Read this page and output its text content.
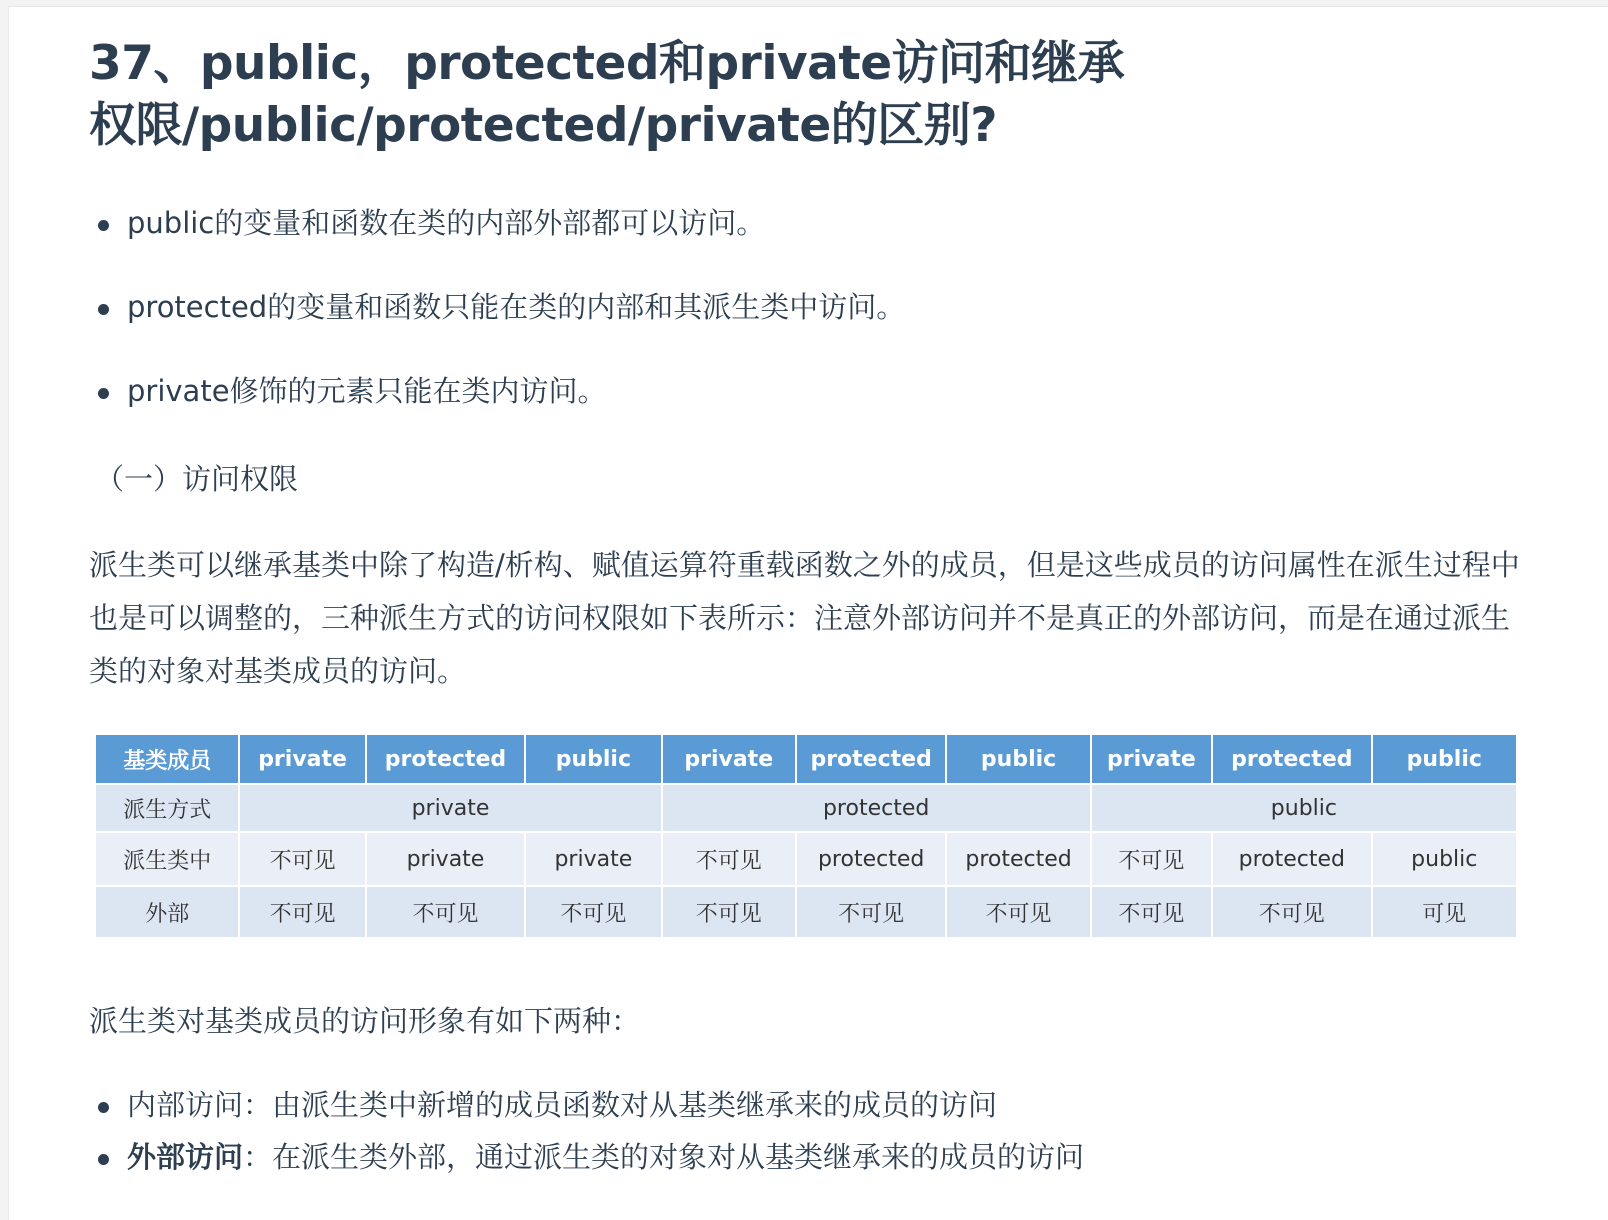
37、public，protected和private访问和继承权限/public/protected/private的区别?
public的变量和函数在类的内部外部都可以访问。
protected的变量和函数只能在类的内部和其派生类中访问。
private修饰的元素只能在类内访问。
（一）访问权限

派生类可以继承基类中除了构造/析构、赋值运算符重载函数之外的成员，但是这些成员的访问属性在派生过程中也是可以调整的，三种派生方式的访问权限如下表所示：注意外部访问并不是真正的外部访问，而是在通过派生类的对象对基类成员的访问。

基类成员	private	protected	public	private	protected	public	private	protected	public
派生方式	private			protected			public		
派生类中	不可见	private	private	不可见	protected	protected	不可见	protected	public
外部	不可见	不可见	不可见	不可见	不可见	不可见	不可见	不可见	可见

派生类对基类成员的访问形象有如下两种：

内部访问：由派生类中新增的成员函数对从基类继承来的成员的访问
外部访问：在派生类外部，通过派生类的对象对从基类继承来的成员的访问
